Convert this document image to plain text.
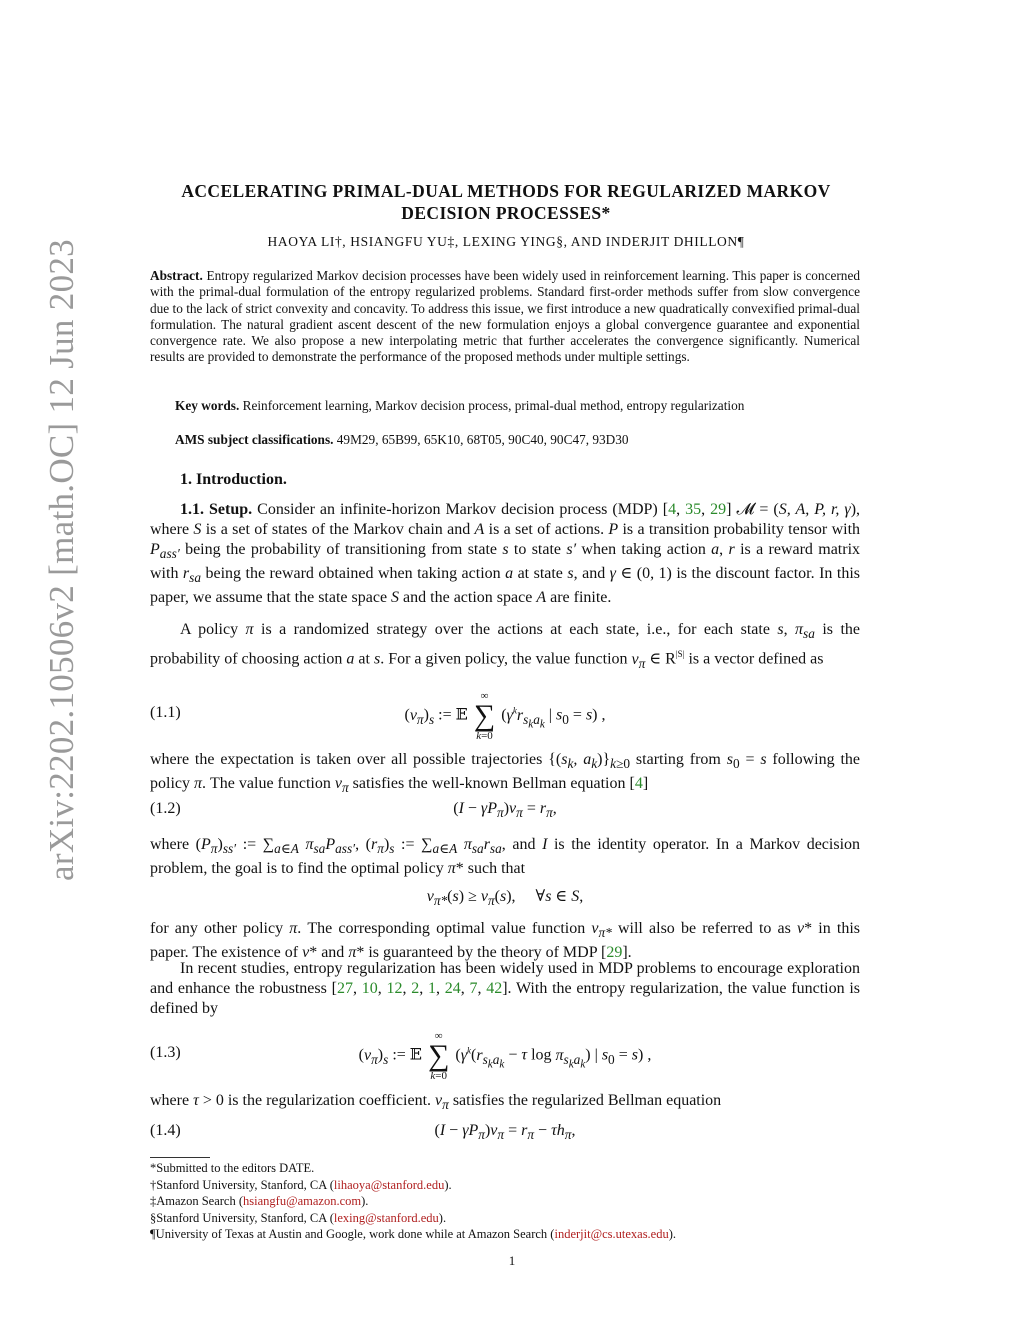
arXiv:2202.10506v2 [math.OC] 12 Jun 2023
ACCELERATING PRIMAL-DUAL METHODS FOR REGULARIZED MARKOV DECISION PROCESSES*
HAOYA LI†, HSIANGFU YU‡, LEXING YING§, AND INDERJIT DHILLON¶
Abstract. Entropy regularized Markov decision processes have been widely used in reinforcement learning. This paper is concerned with the primal-dual formulation of the entropy regularized problems. Standard first-order methods suffer from slow convergence due to the lack of strict convexity and concavity. To address this issue, we first introduce a new quadratically convexified primal-dual formulation. The natural gradient ascent descent of the new formulation enjoys a global convergence guarantee and exponential convergence rate. We also propose a new interpolating metric that further accelerates the convergence significantly. Numerical results are provided to demonstrate the performance of the proposed methods under multiple settings.
Key words. Reinforcement learning, Markov decision process, primal-dual method, entropy regularization
AMS subject classifications. 49M29, 65B99, 65K10, 68T05, 90C40, 90C47, 93D30
1. Introduction.
1.1. Setup. Consider an infinite-horizon Markov decision process (MDP) [4, 35, 29] 𝓜 = (S, A, P, r, γ), where S is a set of states of the Markov chain and A is a set of actions. P is a transition probability tensor with $P_{ass'}$ being the probability of transitioning from state s to state s′ when taking action a, r is a reward matrix with $r_{sa}$ being the reward obtained when taking action a at state s, and γ ∈ (0, 1) is the discount factor. In this paper, we assume that the state space S and the action space A are finite.
A policy π is a randomized strategy over the actions at each state, i.e., for each state s, $\pi_{sa}$ is the probability of choosing action a at s. For a given policy, the value function $v_\pi$ ∈ $R^{|S|}$ is a vector defined as
(1.1)	$(v_\pi)_s$ := 𝔼 ∞
∑
k=0 ($\gamma^kr_{s_ka_k}$ | $s_0 = s$) ,
where the expectation is taken over all possible trajectories {($s_k$, $a_k)\}_{k\ge 0}$ starting from $s_0 = s$ following the policy π. The value function $v_\pi$ satisfies the well-known Bellman equation [4]
(1.2)	$(I - \gamma P_\pi)v_\pi = r_\pi$,
where $(P_\pi)_{ss'}$ := $\sum_{a\in A}$ $\pi_{sa}P_{ass'}$, $(r_\pi)_s$ := $\sum_{a\in A}$ $\pi_{sa}r_{sa}$, and I is the identity operator. In a Markov decision problem, the goal is to find the optimal policy π* such that
$v_{\pi*}(s) \ge v_\pi(s)$,     ∀s ∈ S,
for any other policy π. The corresponding optimal value function $v_{\pi*}$ will also be referred to as v* in this paper. The existence of v* and π* is guaranteed by the theory of MDP [29].
In recent studies, entropy regularization has been widely used in MDP problems to encourage exploration and enhance the robustness [27, 10, 12, 2, 1, 24, 7, 42]. With the entropy regularization, the value function is defined by
(1.3)	$(v_\pi)_s$ := 𝔼 ∞
∑
k=0 ($\gamma^k(r_{s_ka_k} - \tau$ $\log \pi_{s_ka_k}$) | $s_0 = s$) ,
where τ > 0 is the regularization coefficient. $v_\pi$ satisfies the regularized Bellman equation
(1.4)	$(I - \gamma P_\pi)v_\pi = r_\pi - \tau h_\pi$,
*Submitted to the editors DATE.
†Stanford University, Stanford, CA (lihaoya@stanford.edu).
‡Amazon Search (hsiangfu@amazon.com).
§Stanford University, Stanford, CA (lexing@stanford.edu).
¶University of Texas at Austin and Google, work done while at Amazon Search (inderjit@cs.utexas.edu).
1
